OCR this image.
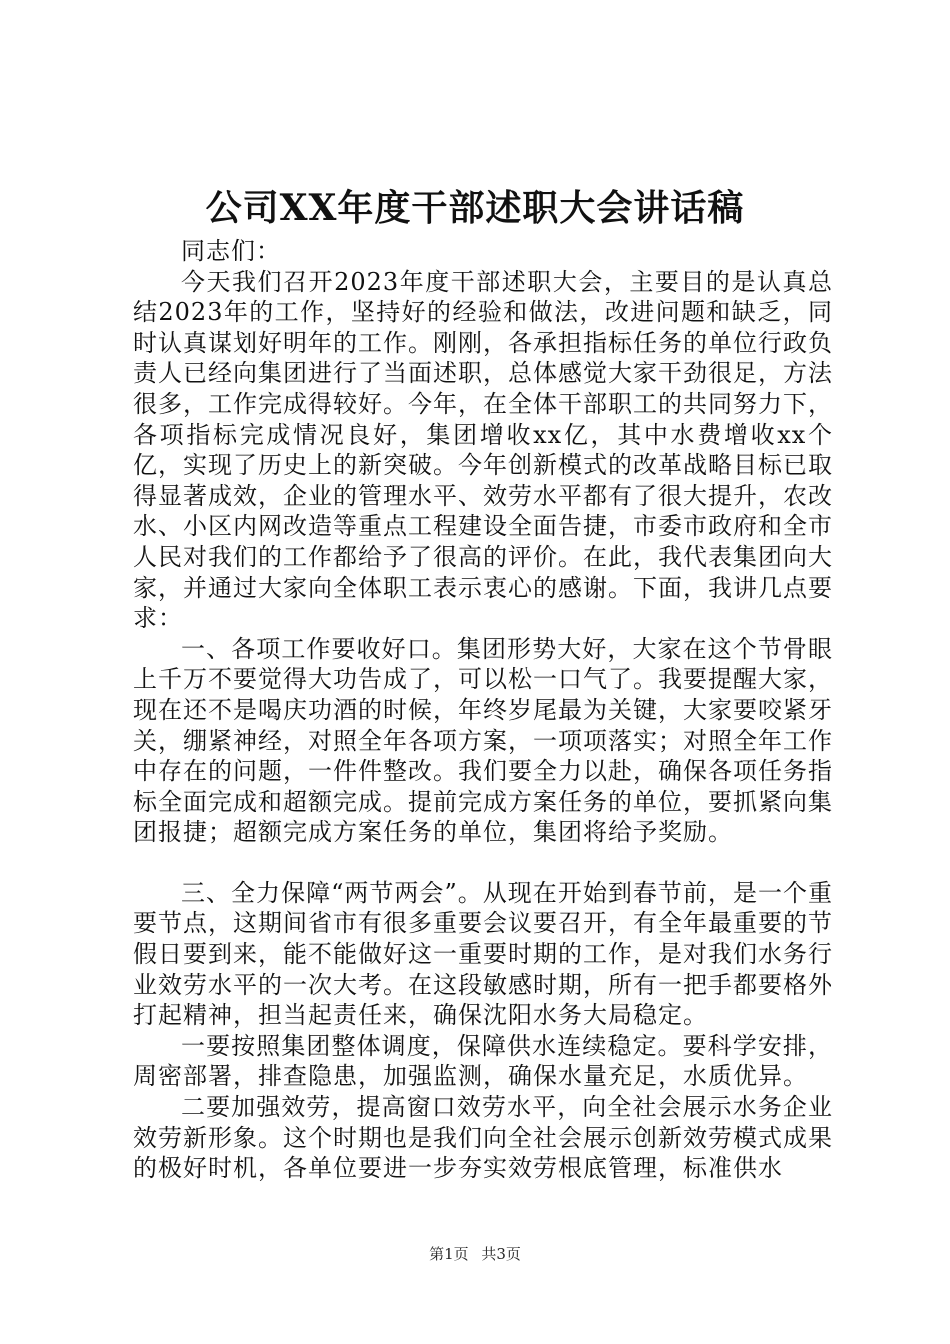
公司XX年度干部述职大会讲话稿

同志们：

今天我们召开2023年度干部述职大会，主要目的是认真总结2023年的工作，坚持好的经验和做法，改进问题和缺乏，同时认真谋划好明年的工作。刚刚，各承担指标任务的单位行政负责人已经向集团进行了当面述职，总体感觉大家干劲很足，方法很多，工作完成得较好。今年，在全体干部职工的共同努力下，各项指标完成情况良好，集团增收xx亿，其中水费增收xx个亿，实现了历史上的新突破。今年创新模式的改革战略目标已取得显著成效，企业的管理水平、效劳水平都有了很大提升，农改水、小区内网改造等重点工程建设全面告捷，市委市政府和全市人民对我们的工作都给予了很高的评价。在此，我代表集团向大家，并通过大家向全体职工表示衷心的感谢。下面，我讲几点要求：

一、各项工作要收好口。集团形势大好，大家在这个节骨眼上千万不要觉得大功告成了，可以松一口气了。我要提醒大家，现在还不是喝庆功酒的时候，年终岁尾最为关键，大家要咬紧牙关，绷紧神经，对照全年各项方案，一项项落实；对照全年工作中存在的问题，一件件整改。我们要全力以赴，确保各项任务指标全面完成和超额完成。提前完成方案任务的单位，要抓紧向集团报捷；超额完成方案任务的单位，集团将给予奖励。

三、全力保障“两节两会”。从现在开始到春节前，是一个重要节点，这期间省市有很多重要会议要召开，有全年最重要的节假日要到来，能不能做好这一重要时期的工作，是对我们水务行业效劳水平的一次大考。在这段敏感时期，所有一把手都要格外打起精神，担当起责任来，确保沈阳水务大局稳定。

一要按照集团整体调度，保障供水连续稳定。要科学安排，周密部署，排查隐患，加强监测，确保水量充足，水质优异。

二要加强效劳，提高窗口效劳水平，向全社会展示水务企业效劳新形象。这个时期也是我们向全社会展示创新效劳模式成果的极好时机，各单位要进一步夯实效劳根底管理，标准供水

第1页 共3页
